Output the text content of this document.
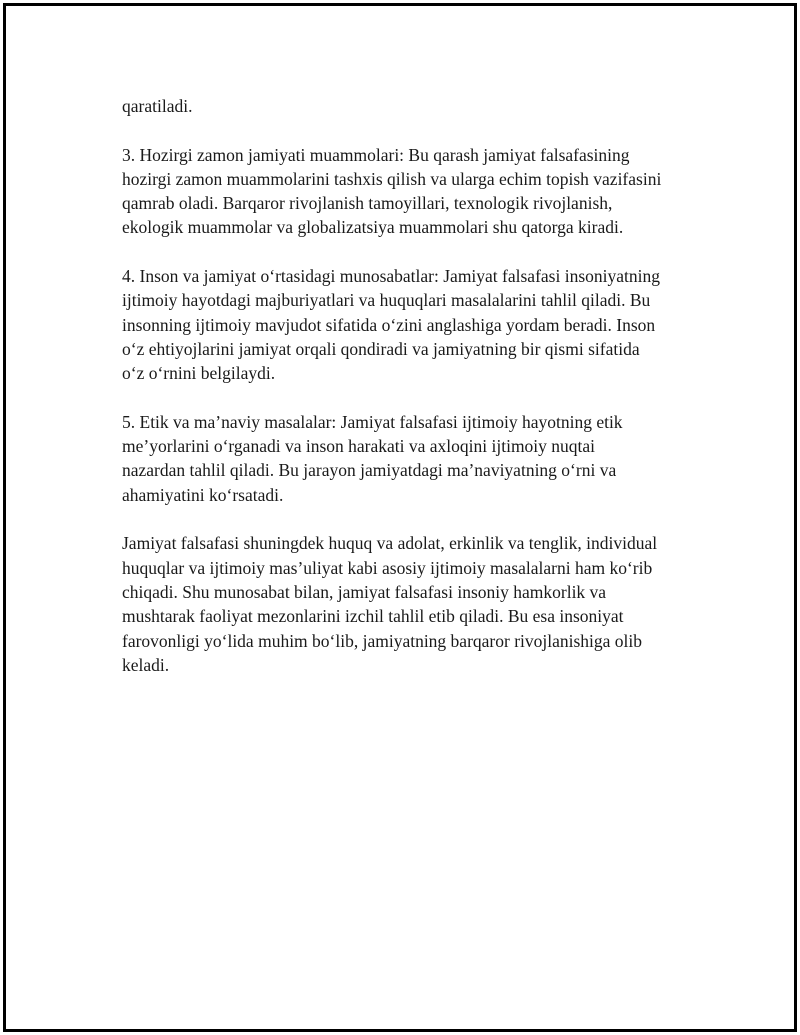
qaratiladi.

3. Hozirgi zamon jamiyati muammolari: Bu qarash jamiyat falsafasining
hozirgi zamon muammolarini tashxis qilish va ularga echim topish vazifasini
qamrab oladi. Barqaror rivojlanish tamoyillari, texnologik rivojlanish,
ekologik muammolar va globalizatsiya muammolari shu qatorga kiradi.

4. Inson va jamiyat o‘rtasidagi munosabatlar: Jamiyat falsafasi insoniyatning
ijtimoiy hayotdagi majburiyatlari va huquqlari masalalarini tahlil qiladi. Bu
insonning ijtimoiy mavjudot sifatida o‘zini anglashiga yordam beradi. Inson
o‘z ehtiyojlarini jamiyat orqali qondiradi va jamiyatning bir qismi sifatida
o‘z o‘rnini belgilaydi.

5. Etik va ma’naviy masalalar: Jamiyat falsafasi ijtimoiy hayotning etik
me’yorlarini o‘rganadi va inson harakati va axloqini ijtimoiy nuqtai
nazardan tahlil qiladi. Bu jarayon jamiyatdagi ma’naviyatning o‘rni va
ahamiyatini ko‘rsatadi.

Jamiyat falsafasi shuningdek huquq va adolat, erkinlik va tenglik, individual
huquqlar va ijtimoiy mas’uliyat kabi asosiy ijtimoiy masalalarni ham ko‘rib
chiqadi. Shu munosabat bilan, jamiyat falsafasi insoniy hamkorlik va
mushtarak faoliyat mezonlarini izchil tahlil etib qiladi. Bu esa insoniyat
farovonligi yo‘lida muhim bo‘lib, jamiyatning barqaror rivojlanishiga olib
keladi.
